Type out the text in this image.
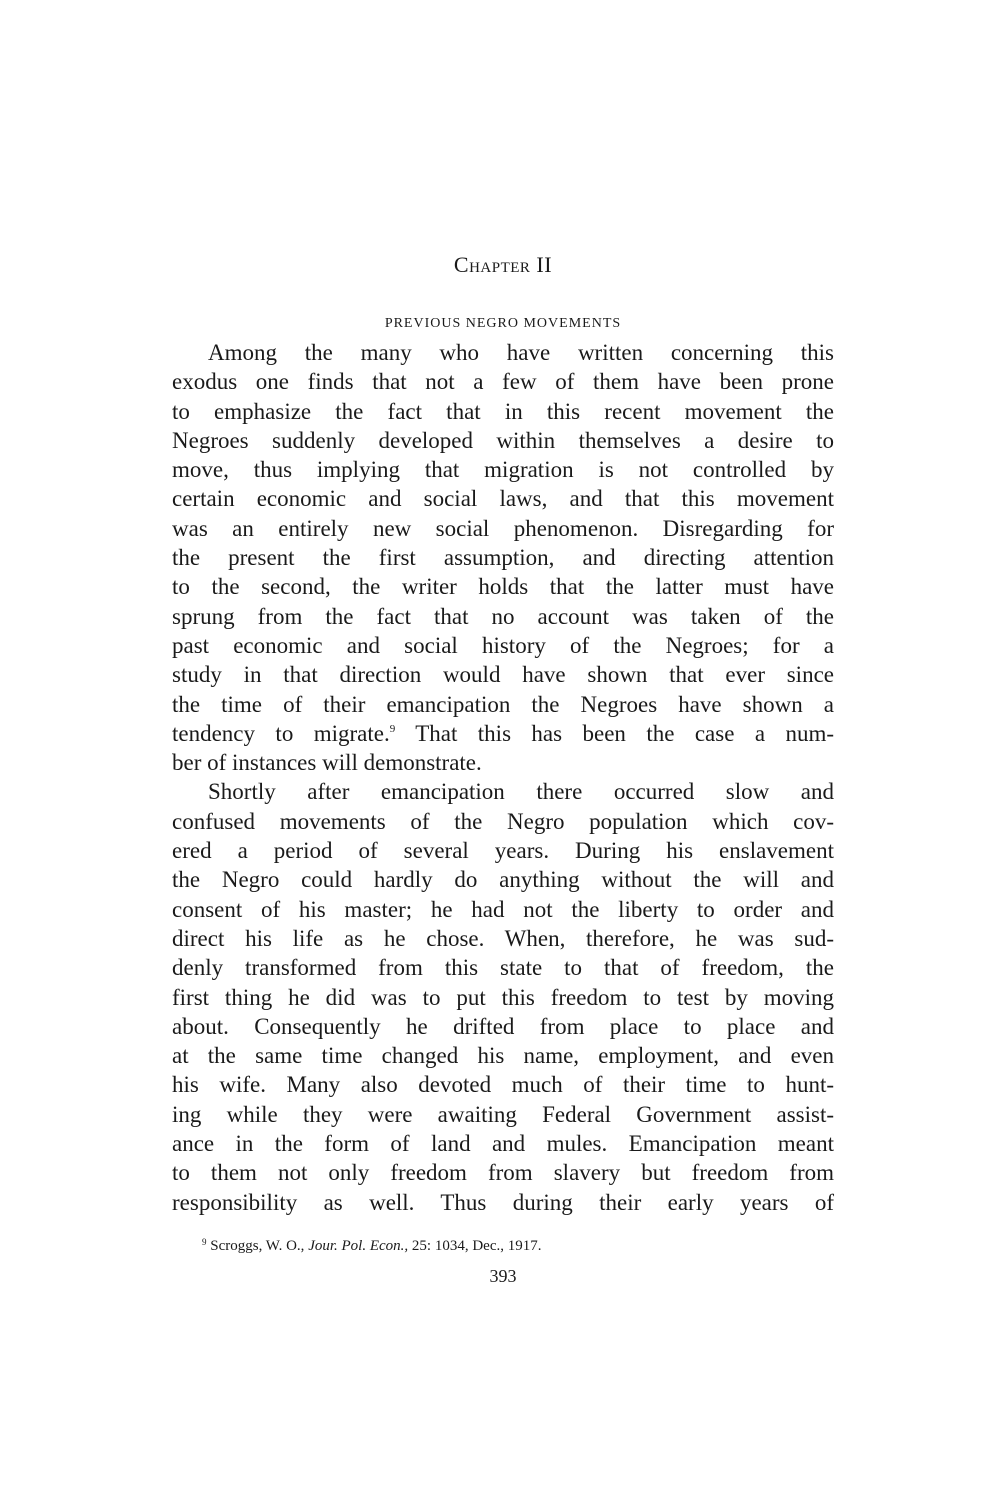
Chapter II
PREVIOUS NEGRO MOVEMENTS
Among the many who have written concerning this
exodus one finds that not a few of them have been prone
to emphasize the fact that in this recent movement the
Negroes suddenly developed within themselves a desire to
move, thus implying that migration is not controlled by
certain economic and social laws, and that this movement
was an entirely new social phenomenon. Disregarding for
the present the first assumption, and directing attention
to the second, the writer holds that the latter must have
sprung from the fact that no account was taken of the
past economic and social history of the Negroes; for a
study in that direction would have shown that ever since
the time of their emancipation the Negroes have shown a
tendency to migrate.$^9$ That this has been the case a num-
ber of instances will demonstrate.
Shortly after emancipation there occurred slow and
confused movements of the Negro population which cov-
ered a period of several years. During his enslavement
the Negro could hardly do anything without the will and
consent of his master; he had not the liberty to order and
direct his life as he chose. When, therefore, he was sud-
denly transformed from this state to that of freedom, the
first thing he did was to put this freedom to test by moving
about. Consequently he drifted from place to place and
at the same time changed his name, employment, and even
his wife. Many also devoted much of their time to hunt-
ing while they were awaiting Federal Government assist-
ance in the form of land and mules. Emancipation meant
to them not only freedom from slavery but freedom from
responsibility as well. Thus during their early years of

$^9$ Scroggs, W. O., Jour. Pol. Econ., 25: 1034, Dec., 1917.

393
